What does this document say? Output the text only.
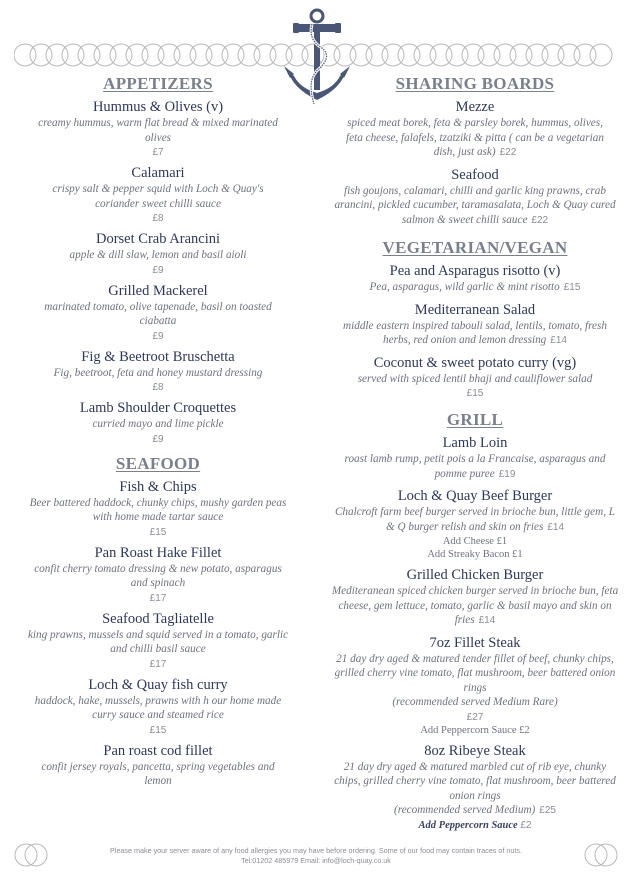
APPETIZERS

Hummus & Olives (v)

creamy hummus, warm flat bread & mixed marinated olives

£7

Calamari

crispy salt & pepper squid with Loch & Quay's coriander sweet chilli sauce

£8

Dorset Crab Arancini

apple & dill slaw, lemon and basil aioli

£9

Grilled Mackerel

marinated tomato, olive tapenade, basil on toasted ciabatta

£9

Fig & Beetroot Bruschetta

Fig, beetroot, feta and honey mustard dressing

£8

Lamb Shoulder Croquettes

curried mayo and lime pickle

£9

SEAFOOD

Fish & Chips

Beer battered haddock, chunky chips, mushy garden peas with home made tartar sauce

£15

Pan Roast Hake Fillet

confit cherry tomato dressing & new potato, asparagus and spinach

£17

Seafood Tagliatelle

king prawns, mussels and squid served in a tomato, garlic and chilli basil sauce

£17

Loch & Quay fish curry

haddock, hake, mussels, prawns with h our home made curry sauce and steamed rice

£15

Pan roast cod fillet

confit jersey royals, pancetta, spring vegetables and lemon

SHARING BOARDS

Mezze

spiced meat borek, feta & parsley borek, hummus, olives, feta cheese, falafels, tzatziki & pitta ( can be a vegetarian dish, just ask) £22

Seafood

fish goujons, calamari, chilli and garlic king prawns, crab arancini, pickled cucumber, taramasalata, Loch & Quay cured salmon & sweet chilli sauce £22

VEGETARIAN/VEGAN

Pea and Asparagus risotto (v)

Pea, asparagus, wild garlic & mint risotto £15

Mediterranean Salad

middle eastern inspired tabouli salad, lentils, tomato, fresh herbs, red onion and lemon dressing £14

Coconut & sweet potato curry (vg)

served with spiced lentil bhaji and cauliflower salad

£15

GRILL

Lamb Loin

roast lamb rump, petit pois a la Francaise, asparagus and pomme puree £19

Loch & Quay Beef Burger

Chalcroft farm beef burger served in brioche bun, little gem, L & Q burger relish and skin on fries £14

Add Cheese £1

Add Streaky Bacon £1

Grilled Chicken Burger

Mediteranean spiced chicken burger served in brioche bun, feta cheese, gem lettuce, tomato, garlic & basil mayo and skin on fries £14

7oz Fillet Steak

21 day dry aged & matured tender fillet of beef, chunky chips, grilled cherry vine tomato, flat mushroom, beer battered onion rings

(recommended served Medium Rare)

£27

Add Peppercorn Sauce £2

8oz Ribeye Steak

21 day dry aged & matured marbled cut of rib eye, chunky chips, grilled cherry vine tomato, flat mushroom, beer battered onion rings

(recommended served Medium) £25

Add Peppercorn Sauce £2

Please make your server aware of any food allergies you may have before ordering. Some of our food may contain traces of nuts.
Tel:01202 485979 Email: info@loch-quay.co.uk
